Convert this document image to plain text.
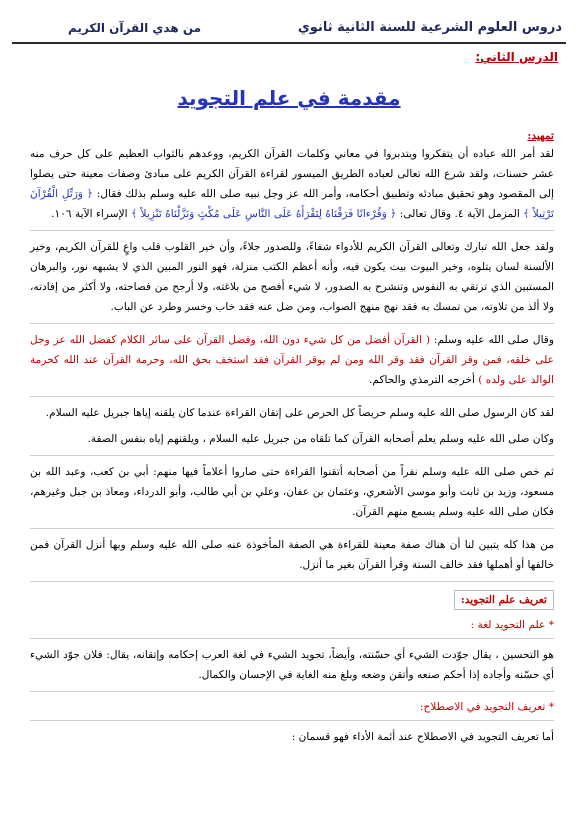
دروس العلوم الشرعية للسنة الثانية ثانوي
من هدي القرآن الكريم
الدرس الثاني:
مقدمة في علم التجويد
تمهيد:

لقد أمر الله عباده أن يتفكروا ويتدبروا في معاني وكلمات القرآن الكريم، ووعدهم بالثواب العظيم على كل حرف منه عشر حسنات، ولقد شرع الله تعالى لعباده الطريق الميسور لقراءة القرآن الكريم على مبادئ وصفات معينة حتى يصلوا إلى المقصود وهو تحقيق مبادئه وتطبيق أحكامه، وأمر الله عز وجل نبيه صلى الله عليه وسلم بذلك فقال: ﴿ وَرَتِّلِ الْقُرْآنَ تَرْتِيلاً ﴾ المزمل الآية ٤. وقال تعالى: ﴿ وَقُرْءانًا فَرَقْنَاهُ لِتَقْرَأَهُ عَلَى النَّاسِ عَلَى مُكْثٍ وَنَزَّلْنَاهُ تَنْزِيلاً ﴾ الإسراء الآية ١٠٦.

ولقد جعل الله تبارك وتعالى القرآن الكريم للأدواء شفاءً، وللصدور جلاءً، وأن خير القلوب قلب واعٍ للقرآن الكريم، وخير الألسنة لسان يتلوه، وخير البيوت بيت يكون فيه، وأنه أعظم الكتب منزلة، فهو النور المبين الذي لا يشبهه نور، والبرهان المستبين الذي ترتقي به النفوس وتنشرح به الصدور، لا شيء أفصح من بلاغته، ولا أرجح من فصاحته، ولا أكثر من إفادته، ولا ألذ من تلاوته، من تمسك به فقد نهج منهج الصواب، ومن ضل عنه فقد خاب وخسر وطرد عن الباب.

وقال صلى الله عليه وسلم: ( القرآن أفضل من كل شيء دون الله، وفضل القرآن على سائر الكلام كفضل الله عز وجل على خلقه، فمن وقر القرآن فقد وقر الله ومن لم يوقر القرآن فقد استخف بحق الله، وحرمة القرآن عند الله كحرمة الوالد على ولده ) أخرجه الترمذي والحاكم.

لقد كان الرسول صلى الله عليه وسلم حريصاً كل الحرص على إتقان القراءة عندما كان يلقنه إياها جبريل عليه السلام.

وكان صلى الله عليه وسلم يعلم أصحابه القرآن كما تلقاه من جبريل عليه السلام ، ويلقنهم إياه بنفس الصفة.

ثم خص صلى الله عليه وسلم نفراً من أصحابه أتقنوا القراءة حتى صاروا أعلاماً فيها منهم: أبي بن كعب، وعبد الله بن مسعود، وزيد بن ثابت وأبو موسى الأشعري، وعثمان بن عفان، وعلي بن أبي طالب، وأبو الدرداء، ومعاذ بن جبل وغيرهم، فكان صلى الله عليه وسلم يسمع منهم القرآن.

من هذا كله يتبين لنا أن هناك صفة معينة للقراءة هي الصفة المأخوذة عنه صلى الله عليه وسلم وبها أنزل القرآن فمن خالفها أو أهملها فقد خالف السنة وقرأ القرآن بغير ما أنزل.

تعريف علم التجويد:
* علم التجويد لغة :

هو التحسين ، يقال جوّدت الشيء أي حسّنته، وأيضاً، تجويد الشيء في لغة العرب إحكامه وإتقانه، يقال: فلان جوّد الشيء أي حسّنه وأجاده إذا أحكم صنعه وأتقن وضعه وبلغ منه الغاية في الإحسان والكمال.

* تعريف التجويد في الاصطلاح:

أما تعريف التجويد في الاصطلاح عند أئمة الأداء فهو قسمان :
